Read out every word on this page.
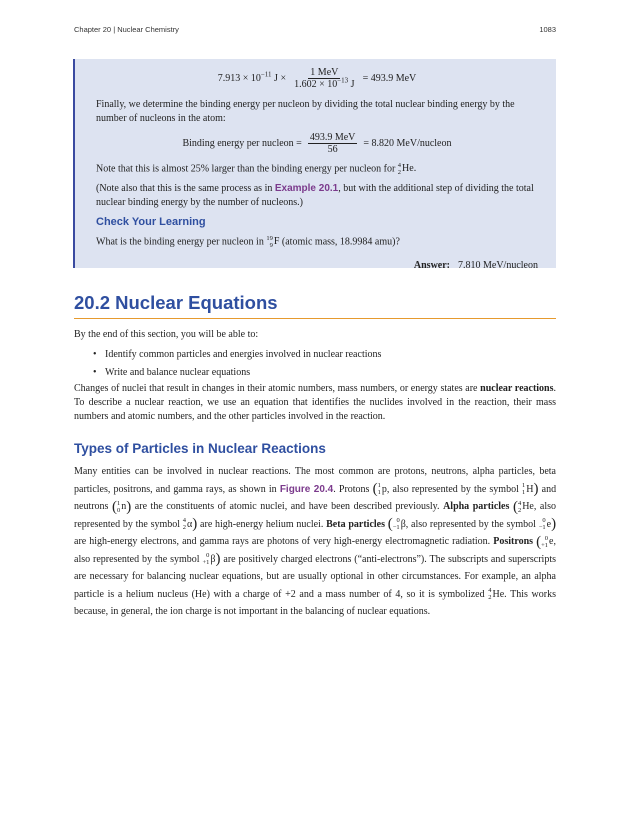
Chapter 20 | Nuclear Chemistry	1083
$7.913 \times 10^{-11}$ $J \times \frac{\text{1 MeV}}{1.602 \times 10^{-13} J} = 493.9$ MeV

Finally, we determine the binding energy per nucleon by dividing the total nuclear binding energy by the number of nucleons in the atom:

Binding energy per nucleon = $\frac{\text{493.9 MeV}}{56} = 8.820$ MeV/nucleon

Note that this is almost 25% larger than the binding energy per nucleon for 4
2 He.

(Note also that this is the same process as in Example 20.1, but with the additional step of dividing the total nuclear binding energy by the number of nucleons.)

Check Your Learning

What is the binding energy per nucleon in 19
9 F (atomic mass, 18.9984 amu)?

Answer: 7.810 MeV/nucleon
20.2 Nuclear Equations
By the end of this section, you will be able to:
• Identify common particles and energies involved in nuclear reactions
• Write and balance nuclear equations

Changes of nuclei that result in changes in their atomic numbers, mass numbers, or energy states are nuclear reactions. To describe a nuclear reaction, we use an equation that identifies the nuclides involved in the reaction, their mass numbers and atomic numbers, and the other particles involved in the reaction.

Types of Particles in Nuclear Reactions

Many entities can be involved in nuclear reactions. The most common are protons, neutrons, alpha particles, beta particles, positrons, and gamma rays, as shown in Figure 20.4. Protons ( 1
1 p, also represented by the symbol 1
1 H ) and neutrons ( 1
0 n ) are the constituents of atomic nuclei, and have been described previously. Alpha particles ( 4
2 He, also represented by the symbol 4
2 α ) are high-energy helium nuclei. Beta particles ( 0
−1 β, also represented by the symbol 0
−1 e )
are high-energy electrons, and gamma rays are photons of very high-energy electromagnetic radiation. Positrons ( 0
+1 e,
also represented by the symbol 0
+1 β ) are positively charged electrons (“anti-electrons”). The subscripts and superscripts are necessary for balancing nuclear equations, but are usually optional in other circumstances. For example, an alpha particle is a helium nucleus (He) with a charge of +2 and a mass number of 4, so it is symbolized 4
2 He. This works because, in general, the ion charge is not important in the balancing of nuclear equations.
